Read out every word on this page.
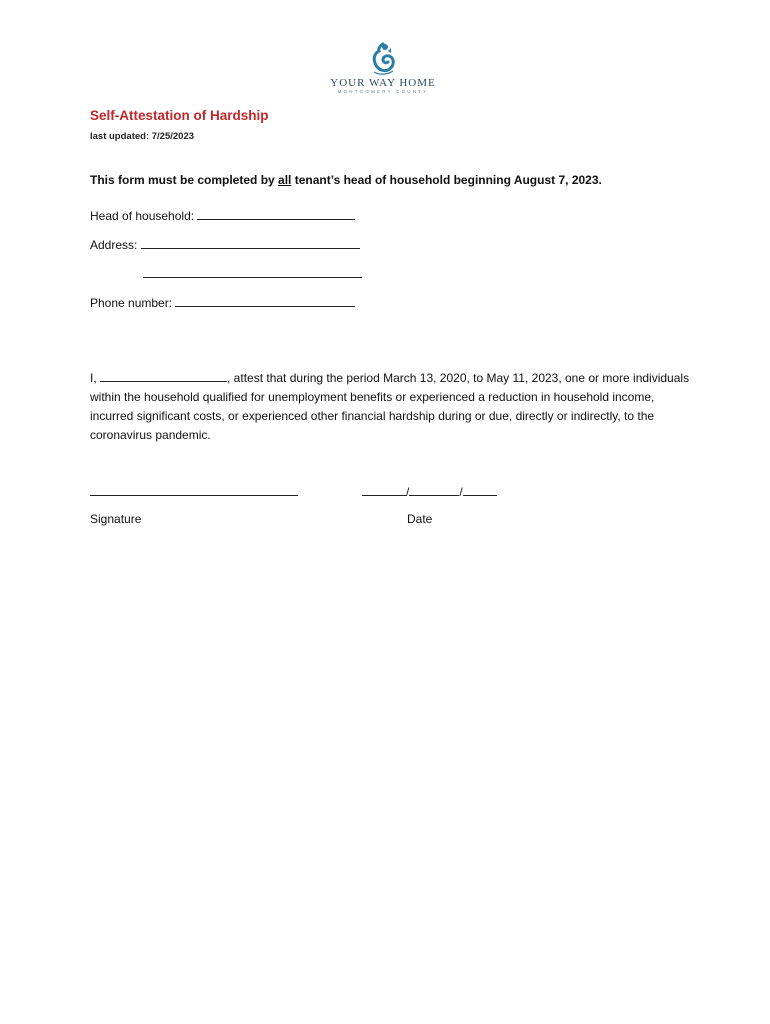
YOUR WAY HOME
MONTGOMERY COUNTY
Self-Attestation of Hardship
last updated: 7/25/2023
This form must be completed by all tenant’s head of household beginning August 7, 2023.
Head of household:
Address:
Phone number:
I,	, attest that during the period March 13, 2020, to May 11, 2023, one or more individuals within the household qualified for unemployment benefits or experienced a reduction in household income, incurred significant costs, or experienced other financial hardship during or due, directly or indirectly, to the coronavirus pandemic.
/	/
Signature	Date
